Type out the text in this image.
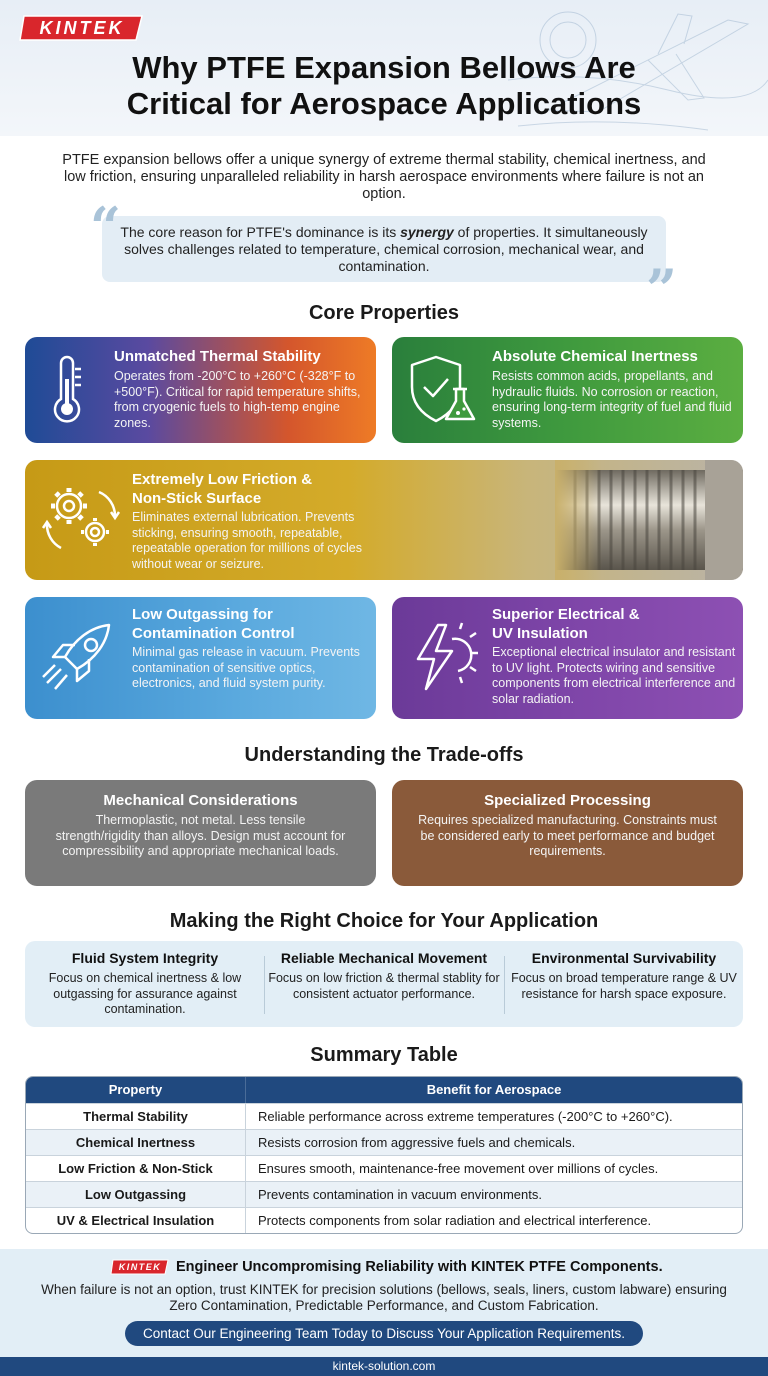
KINTEK
Why PTFE Expansion Bellows Are
Critical for Aerospace Applications
PTFE expansion bellows offer a unique synergy of extreme thermal stability, chemical inertness, and low friction, ensuring unparalleled reliability in harsh aerospace environments where failure is not an option.
“
”
The core reason for PTFE's dominance is its synergy of properties. It simultaneously solves challenges related to temperature, chemical corrosion, mechanical wear, and contamination.
Core Properties
Unmatched Thermal Stability

Operates from -200°C to +260°C (-328°F to +500°F). Critical for rapid temperature shifts, from cryogenic fuels to high-temp engine zones.

Absolute Chemical Inertness

Resists common acids, propellants, and hydraulic fluids. No corrosion or reaction, ensuring long-term integrity of fuel and fluid systems.

Extremely Low Friction &
Non-Stick Surface

Eliminates external lubrication. Prevents sticking, ensuring smooth, repeatable, repeatable operation for millions of cycles without wear or seizure.

Low Outgassing for
Contamination Control

Minimal gas release in vacuum. Prevents contamination of sensitive optics, electronics, and fluid system purity.

Superior Electrical &
UV Insulation

Exceptional electrical insulator and resistant to UV light. Protects wiring and sensitive components from electrical interference and solar radiation.

Understanding the Trade-offs
Mechanical Considerations

Thermoplastic, not metal. Less tensile strength/rigidity than alloys. Design must account for compressibility and appropriate mechanical loads.

Specialized Processing

Requires specialized manufacturing. Constraints must be considered early to meet performance and budget requirements.

Making the Right Choice for Your Application
Fluid System Integrity

Focus on chemical inertness & low outgassing for assurance against contamination.

Reliable Mechanical Movement

Focus on low friction & thermal stablity for consistent actuator performance.

Environmental Survivability

Focus on broad temperature range & UV resistance for harsh space exposure.

Summary Table
Property	Benefit for Aerospace
Thermal Stability	Reliable performance across extreme temperatures (-200°C to +260°C).
Chemical Inertness	Resists corrosion from aggressive fuels and chemicals.
Low Friction & Non-Stick	Ensures smooth, maintenance-free movement over millions of cycles.
Low Outgassing	Prevents contamination in vacuum environments.
UV & Electrical Insulation	Protects components from solar radiation and electrical interference.
KINTEK	Engineer Uncompromising Reliability with KINTEK PTFE Components.
When failure is not an option, trust KINTEK for precision solutions (bellows, seals, liners, custom labware) ensuring Zero Contamination, Predictable Performance, and Custom Fabrication.
Contact Our Engineering Team Today to Discuss Your Application Requirements.
kintek-solution.com
